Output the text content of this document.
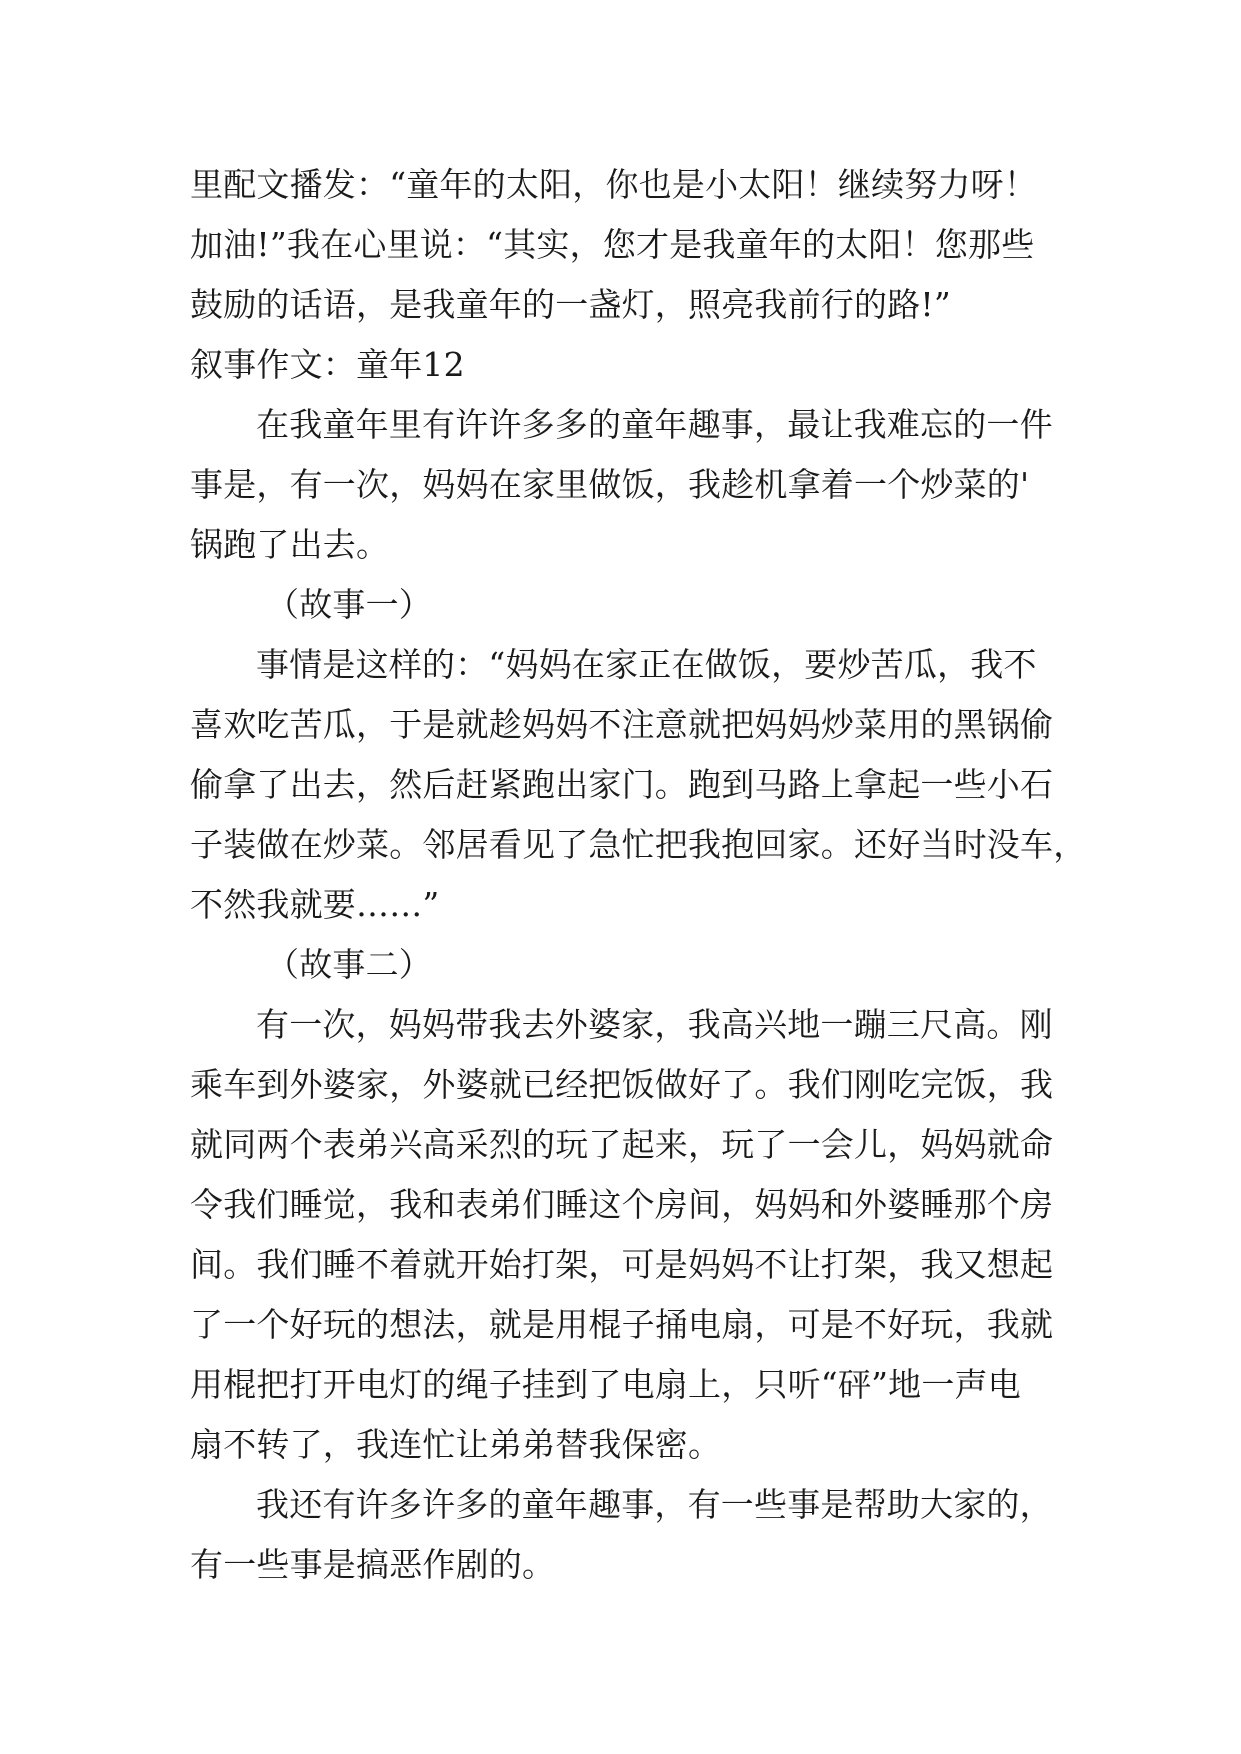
里配文播发：“童年的太阳，你也是小太阳！继续努力呀！
加油!”我在心里说：“其实，您才是我童年的太阳！您那些
鼓励的话语，是我童年的一盏灯，照亮我前行的路!”
叙事作文：童年12
在我童年里有许许多多的童年趣事，最让我难忘的一件
事是，有一次，妈妈在家里做饭，我趁机拿着一个炒菜的'
锅跑了出去。
（故事一）
事情是这样的：“妈妈在家正在做饭，要炒苦瓜，我不
喜欢吃苦瓜，于是就趁妈妈不注意就把妈妈炒菜用的黑锅偷
偷拿了出去，然后赶紧跑出家门。跑到马路上拿起一些小石
子装做在炒菜。邻居看见了急忙把我抱回家。还好当时没车，
不然我就要……”
（故事二）
有一次，妈妈带我去外婆家，我高兴地一蹦三尺高。刚
乘车到外婆家，外婆就已经把饭做好了。我们刚吃完饭，我
就同两个表弟兴高采烈的玩了起来，玩了一会儿，妈妈就命
令我们睡觉，我和表弟们睡这个房间，妈妈和外婆睡那个房
间。我们睡不着就开始打架，可是妈妈不让打架，我又想起
了一个好玩的想法，就是用棍子捅电扇，可是不好玩，我就
用棍把打开电灯的绳子挂到了电扇上，只听“砰”地一声电
扇不转了，我连忙让弟弟替我保密。
我还有许多许多的童年趣事，有一些事是帮助大家的，
有一些事是搞恶作剧的。
